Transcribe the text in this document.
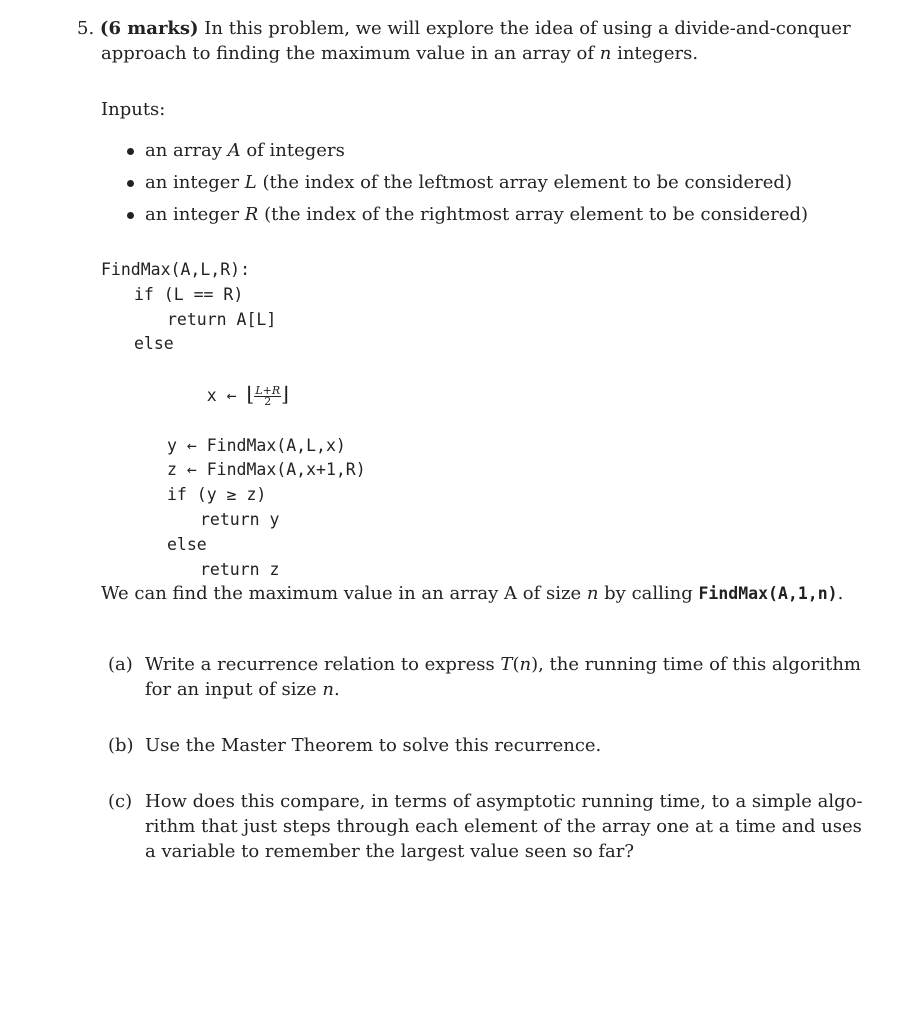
5. (6 marks) In this problem, we will explore the idea of using a divide-and-conquer
approach to finding the maximum value in an array of n integers.
Inputs:
an array A of integers
an integer L (the index of the leftmost array element to be considered)
an integer R (the index of the rightmost array element to be considered)
FindMax(A,L,R):
if (L == R)
return A[L]
else

x ← ⌊ $\frac{L+R}{2}$ ⌋

y ← FindMax(A,L,x)
z ← FindMax(A,x+1,R)
if (y ≥ z)
return y
else
return z
We can find the maximum value in an array A of size n by calling FindMax(A,1,n).
(a) Write a recurrence relation to express T(n), the running time of this algorithm
for an input of size n.
(b) Use the Master Theorem to solve this recurrence.
(c) How does this compare, in terms of asymptotic running time, to a simple algo-
rithm that just steps through each element of the array one at a time and uses
a variable to remember the largest value seen so far?
